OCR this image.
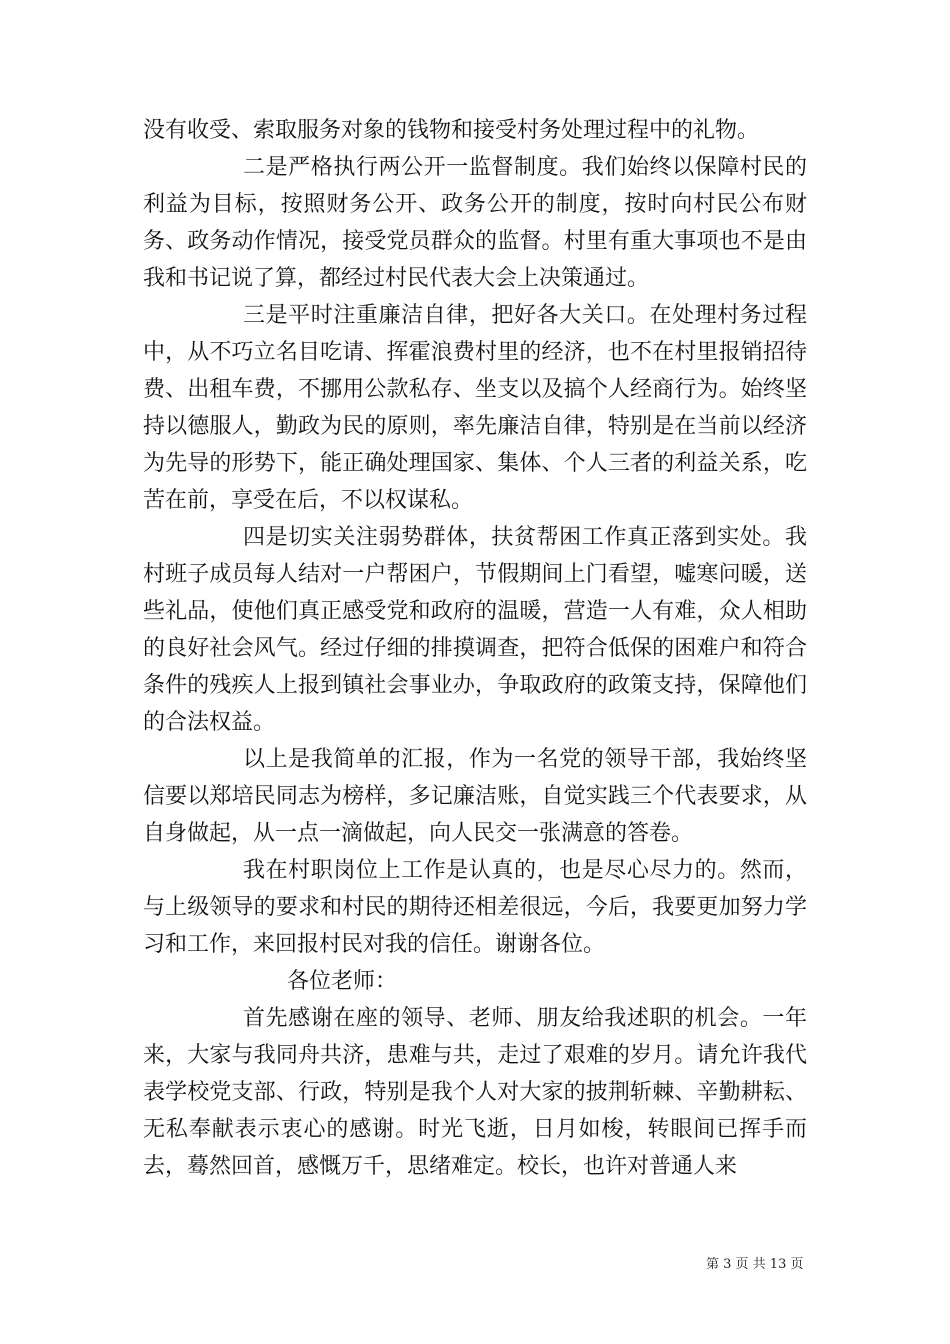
没有收受、索取服务对象的钱物和接受村务处理过程中的礼物。

二是严格执行两公开一监督制度。我们始终以保障村民的利益为目标，按照财务公开、政务公开的制度，按时向村民公布财务、政务动作情况，接受党员群众的监督。村里有重大事项也不是由我和书记说了算，都经过村民代表大会上决策通过。

三是平时注重廉洁自律，把好各大关口。在处理村务过程中，从不巧立名目吃请、挥霍浪费村里的经济，也不在村里报销招待费、出租车费，不挪用公款私存、坐支以及搞个人经商行为。始终坚持以德服人，勤政为民的原则，率先廉洁自律，特别是在当前以经济为先导的形势下，能正确处理国家、集体、个人三者的利益关系，吃苦在前，享受在后，不以权谋私。

四是切实关注弱势群体，扶贫帮困工作真正落到实处。我村班子成员每人结对一户帮困户，节假期间上门看望，嘘寒问暖，送些礼品，使他们真正感受党和政府的温暖，营造一人有难，众人相助的良好社会风气。经过仔细的排摸调查，把符合低保的困难户和符合条件的残疾人上报到镇社会事业办，争取政府的政策支持，保障他们的合法权益。

以上是我简单的汇报，作为一名党的领导干部，我始终坚信要以郑培民同志为榜样，多记廉洁账，自觉实践三个代表要求，从自身做起，从一点一滴做起，向人民交一张满意的答卷。

我在村职岗位上工作是认真的，也是尽心尽力的。然而，与上级领导的要求和村民的期待还相差很远，今后，我要更加努力学习和工作，来回报村民对我的信任。谢谢各位。

各位老师：

首先感谢在座的领导、老师、朋友给我述职的机会。一年来，大家与我同舟共济，患难与共，走过了艰难的岁月。请允许我代表学校党支部、行政，特别是我个人对大家的披荆斩棘、辛勤耕耘、无私奉献表示衷心的感谢。时光飞逝，日月如梭，转眼间已挥手而去，蓦然回首，感慨万千，思绪难定。校长，也许对普通人来

第 3 页 共 13 页
